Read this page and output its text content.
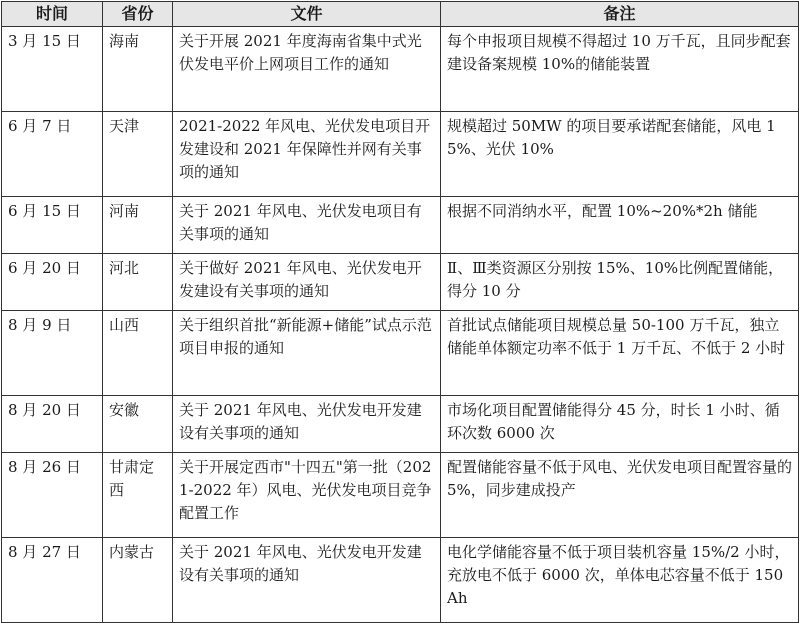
时间	省份	文件	备注
3 月 15 日	海南	关于开展 2021 年度海南省集中式光伏发电平价上网项目工作的通知	每个申报项目规模不得超过 10 万千瓦，且同步配套建设备案规模 10%的储能装置
6 月 7 日	天津	2021-2022 年风电、光伏发电项目开发建设和 2021 年保障性并网有关事项的通知	规模超过 50MW 的项目要承诺配套储能，风电 15%、光伏 10%
6 月 15 日	河南	关于 2021 年风电、光伏发电项目有关事项的通知	根据不同消纳水平，配置 10%~20%*2h 储能
6 月 20 日	河北	关于做好 2021 年风电、光伏发电开发建设有关事项的通知	Ⅱ、Ⅲ类资源区分别按 15%、10%比例配置储能，得分 10 分
8 月 9 日	山西	关于组织首批“新能源+储能”试点示范项目申报的通知	首批试点储能项目规模总量 50-100 万千瓦，独立储能单体额定功率不低于 1 万千瓦、不低于 2 小时
8 月 20 日	安徽	关于 2021 年风电、光伏发电开发建设有关事项的通知	市场化项目配置储能得分 45 分，时长 1 小时、循环次数 6000 次
8 月 26 日	甘肃定西	关于开展定西市"十四五"第一批（2021-2022 年）风电、光伏发电项目竞争配置工作	配置储能容量不低于风电、光伏发电项目配置容量的 5%，同步建成投产
8 月 27 日	内蒙古	关于 2021 年风电、光伏发电开发建设有关事项的通知	电化学储能容量不低于项目装机容量 15%/2 小时，充放电不低于 6000 次，单体电芯容量不低于 150Ah
